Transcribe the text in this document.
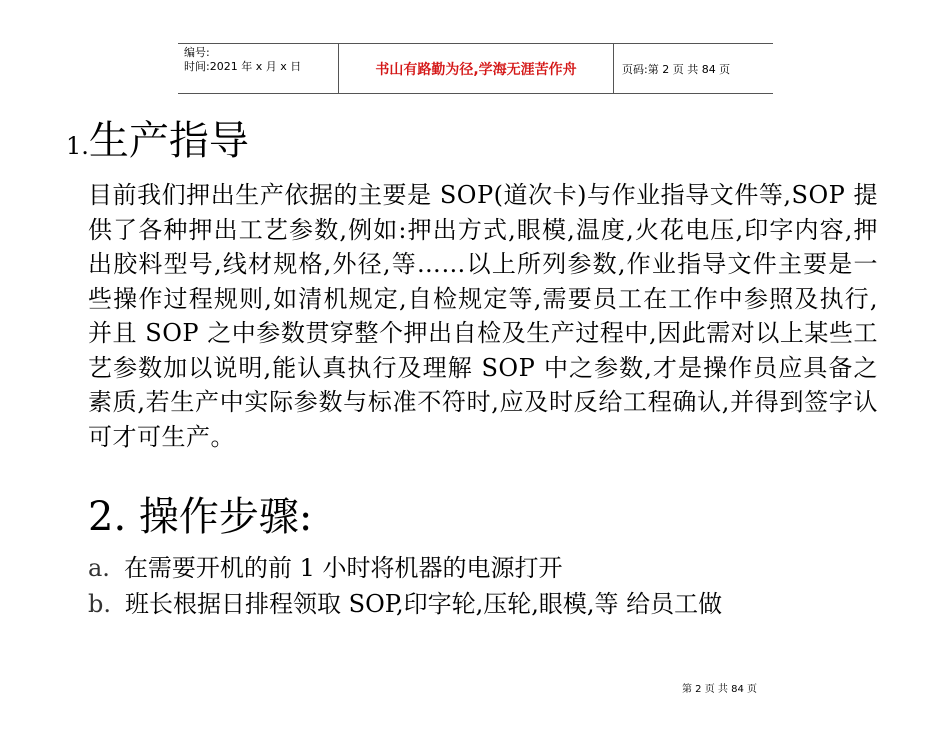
编号:
时间:2021 年 x 月 x 日	书山有路勤为径,学海无涯苦作舟	页码:第 2 页 共 84 页
1.生产指导

目前我们押出生产依据的主要是 SOP(道次卡)与作业指导文件等,SOP 提供了各种押出工艺参数,例如:押出方式,眼模,温度,火花电压,印字内容,押出胶料型号,线材规格,外径,等……以上所列参数,作业指导文件主要是一些操作过程规则,如清机规定,自检规定等,需要员工在工作中参照及执行,并且 SOP 之中参数贯穿整个押出自检及生产过程中,因此需对以上某些工艺参数加以说明,能认真执行及理解 SOP 中之参数,才是操作员应具备之素质,若生产中实际参数与标准不符时,应及时反给工程确认,并得到签字认可才可生产。

2. 操作步骤:

a. 在需要开机的前 1 小时将机器的电源打开

b. 班长根据日排程领取 SOP,印字轮,压轮,眼模,等 给员工做

第 2 页 共 84 页
